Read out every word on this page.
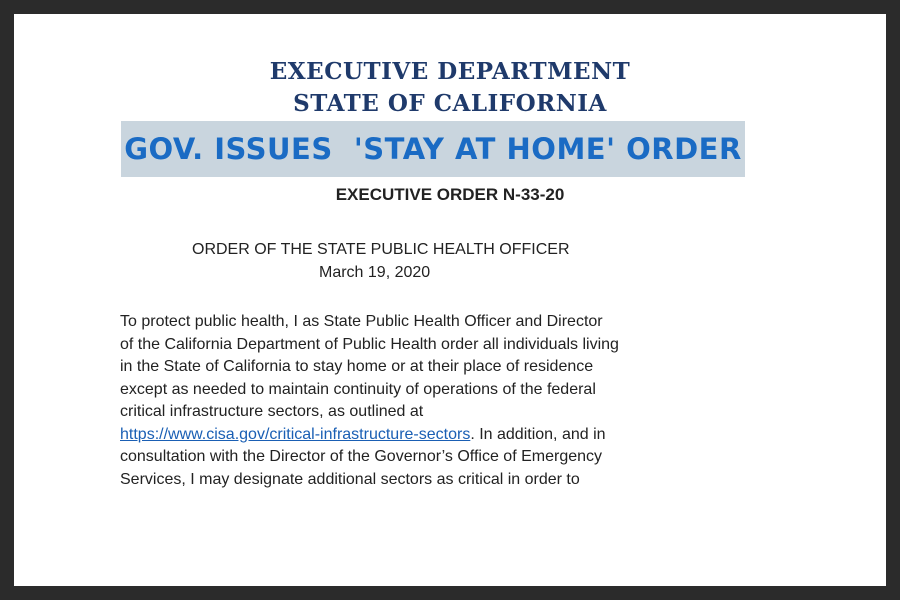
EXECUTIVE DEPARTMENT
STATE OF CALIFORNIA
GOV. ISSUES  'STAY AT HOME' ORDER
EXECUTIVE ORDER N-33-20
ORDER OF THE STATE PUBLIC HEALTH OFFICER
March 19, 2020
To protect public health, I as State Public Health Officer and Director
of the California Department of Public Health order all individuals living
in the State of California to stay home or at their place of residence
except as needed to maintain continuity of operations of the federal
critical infrastructure sectors, as outlined at
https://www.cisa.gov/critical-infrastructure-sectors. In addition, and in
consultation with the Director of the Governor’s Office of Emergency
Services, I may designate additional sectors as critical in order to
